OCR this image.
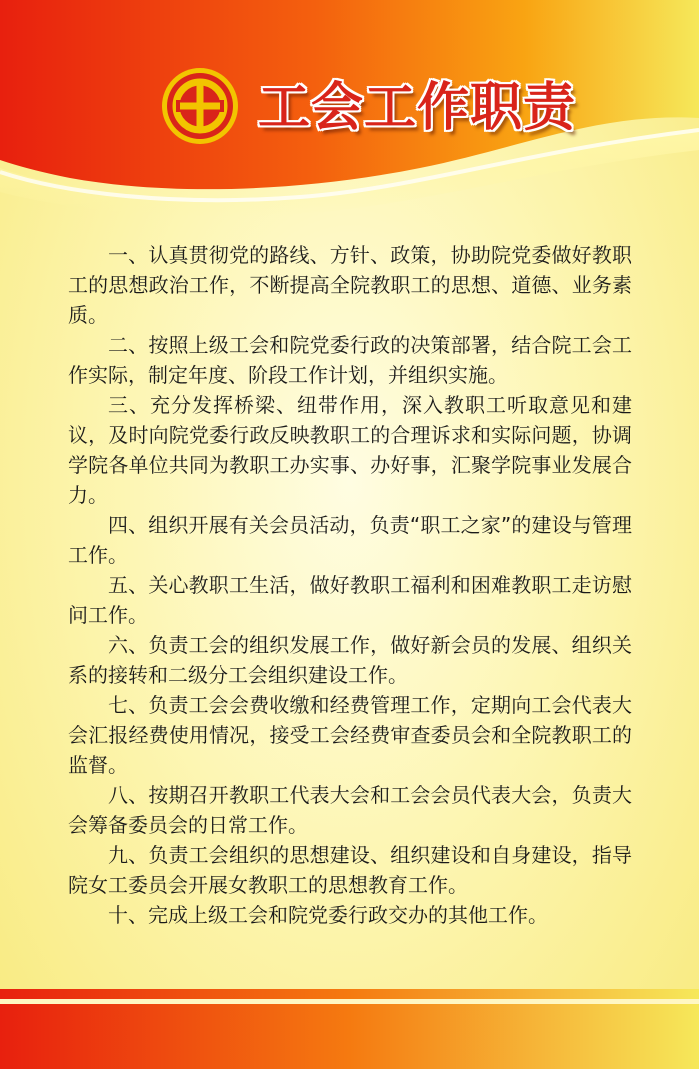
工会工作职责
一、认真贯彻党的路线、方针、政策，协助院党委做好教职工的思想政治工作，不断提高全院教职工的思想、道德、业务素质。
二、按照上级工会和院党委行政的决策部署，结合院工会工作实际，制定年度、阶段工作计划，并组织实施。
三、充分发挥桥梁、纽带作用，深入教职工听取意见和建议，及时向院党委行政反映教职工的合理诉求和实际问题，协调学院各单位共同为教职工办实事、办好事，汇聚学院事业发展合力。
四、组织开展有关会员活动，负责“职工之家”的建设与管理工作。
五、关心教职工生活，做好教职工福利和困难教职工走访慰问工作。
六、负责工会的组织发展工作，做好新会员的发展、组织关系的接转和二级分工会组织建设工作。
七、负责工会会费收缴和经费管理工作，定期向工会代表大会汇报经费使用情况，接受工会经费审查委员会和全院教职工的监督。
八、按期召开教职工代表大会和工会会员代表大会，负责大会筹备委员会的日常工作。
九、负责工会组织的思想建设、组织建设和自身建设，指导院女工委员会开展女教职工的思想教育工作。
十、完成上级工会和院党委行政交办的其他工作。
